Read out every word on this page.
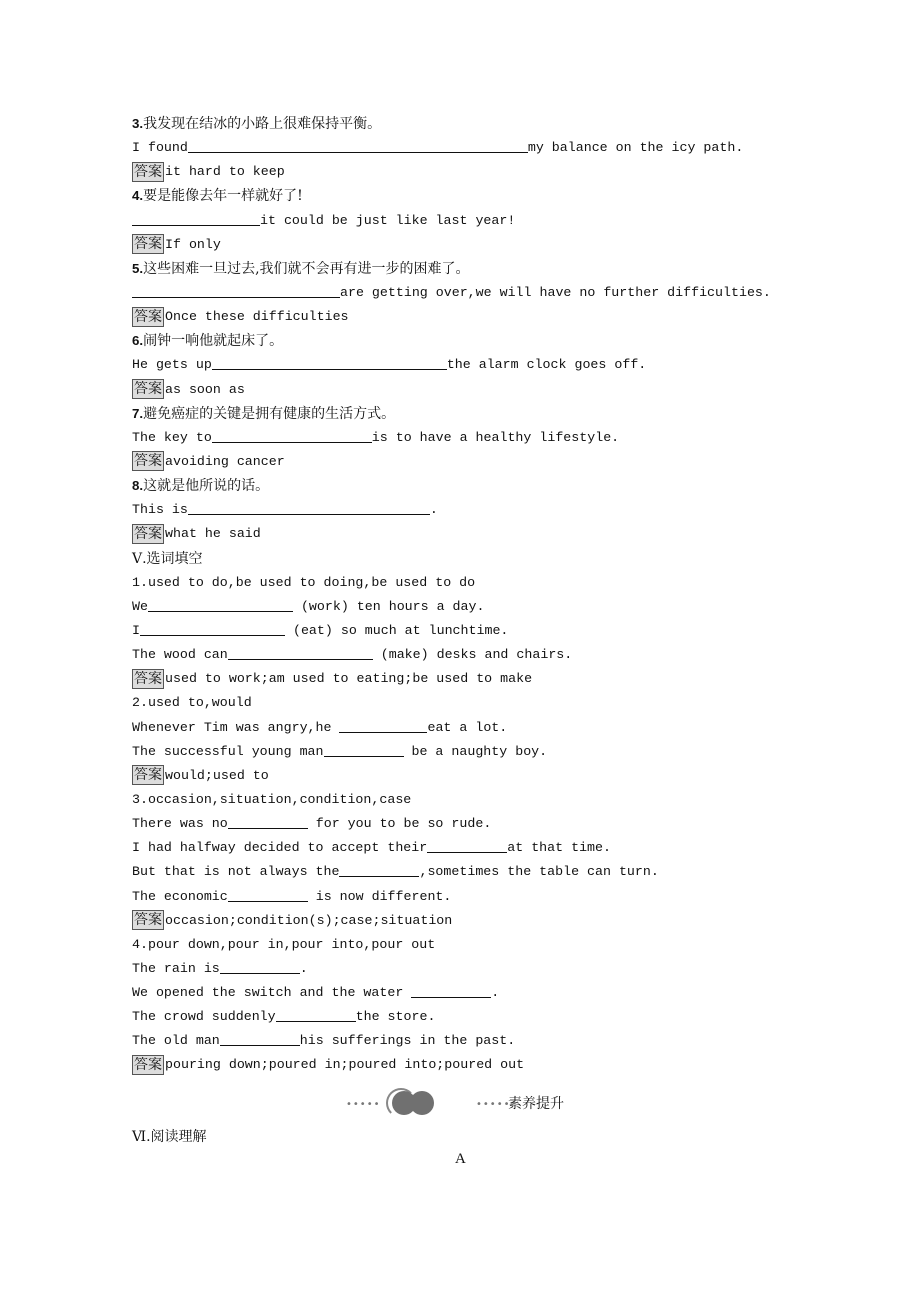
3.我发现在结冰的小路上很难保持平衡。
I found	my balance on the icy path.
答案 it hard to keep
4.要是能像去年一样就好了!
it could be just like last year!
答案 If only
5.这些困难一旦过去,我们就不会再有进一步的困难了。
are getting over,we will have no further difficulties.
答案 Once these difficulties
6.闹钟一响他就起床了。
He gets up	the alarm clock goes off.
答案 as soon as
7.避免癌症的关键是拥有健康的生活方式。
The key to	is to have a healthy lifestyle.
答案 avoiding cancer
8.这就是他所说的话。
This is	.
答案 what he said
Ⅴ.选词填空
1.used to do,be used to doing,be used to do
We	(work) ten hours a day.
I	(eat) so much at lunchtime.
The wood can	(make) desks and chairs.
答案 used to work;am used to eating;be used to make
2.used to,would
Whenever Tim was angry,he	eat a lot.
The successful young man	be a naughty boy.
答案 would;used to
3.occasion,situation,condition,case
There was no	for you to be so rude.
I had halfway decided to accept their	at that time.
But that is not always the	,sometimes the table can turn.
The economic	is now different.
答案 occasion;condition(s);case;situation
4.pour down,pour in,pour into,pour out
The rain is	.
We opened the switch and the water	.
The crowd suddenly	the store.
The old man	his sufferings in the past.
答案 pouring down;poured in;poured into;poured out
•••••	•••••
素养提升
Ⅵ.阅读理解
A
